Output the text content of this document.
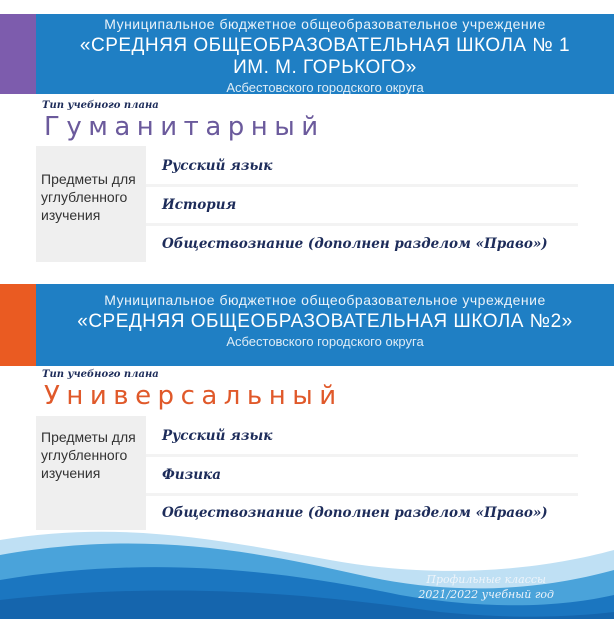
Муниципальное бюджетное общеобразовательное учреждение
«СРЕДНЯЯ ОБЩЕОБРАЗОВАТЕЛЬНАЯ ШКОЛА № 1
ИМ. М. ГОРЬКОГО»
Асбестовского городского округа
Тип учебного плана
Гуманитарный
Предметы для углубленного изучения
Русский язык
История
Обществознание (дополнен разделом «Право»)
Муниципальное бюджетное общеобразовательное учреждение
«СРЕДНЯЯ ОБЩЕОБРАЗОВАТЕЛЬНАЯ ШКОЛА №2»
Асбестовского городского округа
Тип учебного плана
Универсальный
Предметы для углубленного изучения
Русский язык
Физика
Обществознание (дополнен разделом «Право»)
Профильные классы
2021/2022 учебный год
